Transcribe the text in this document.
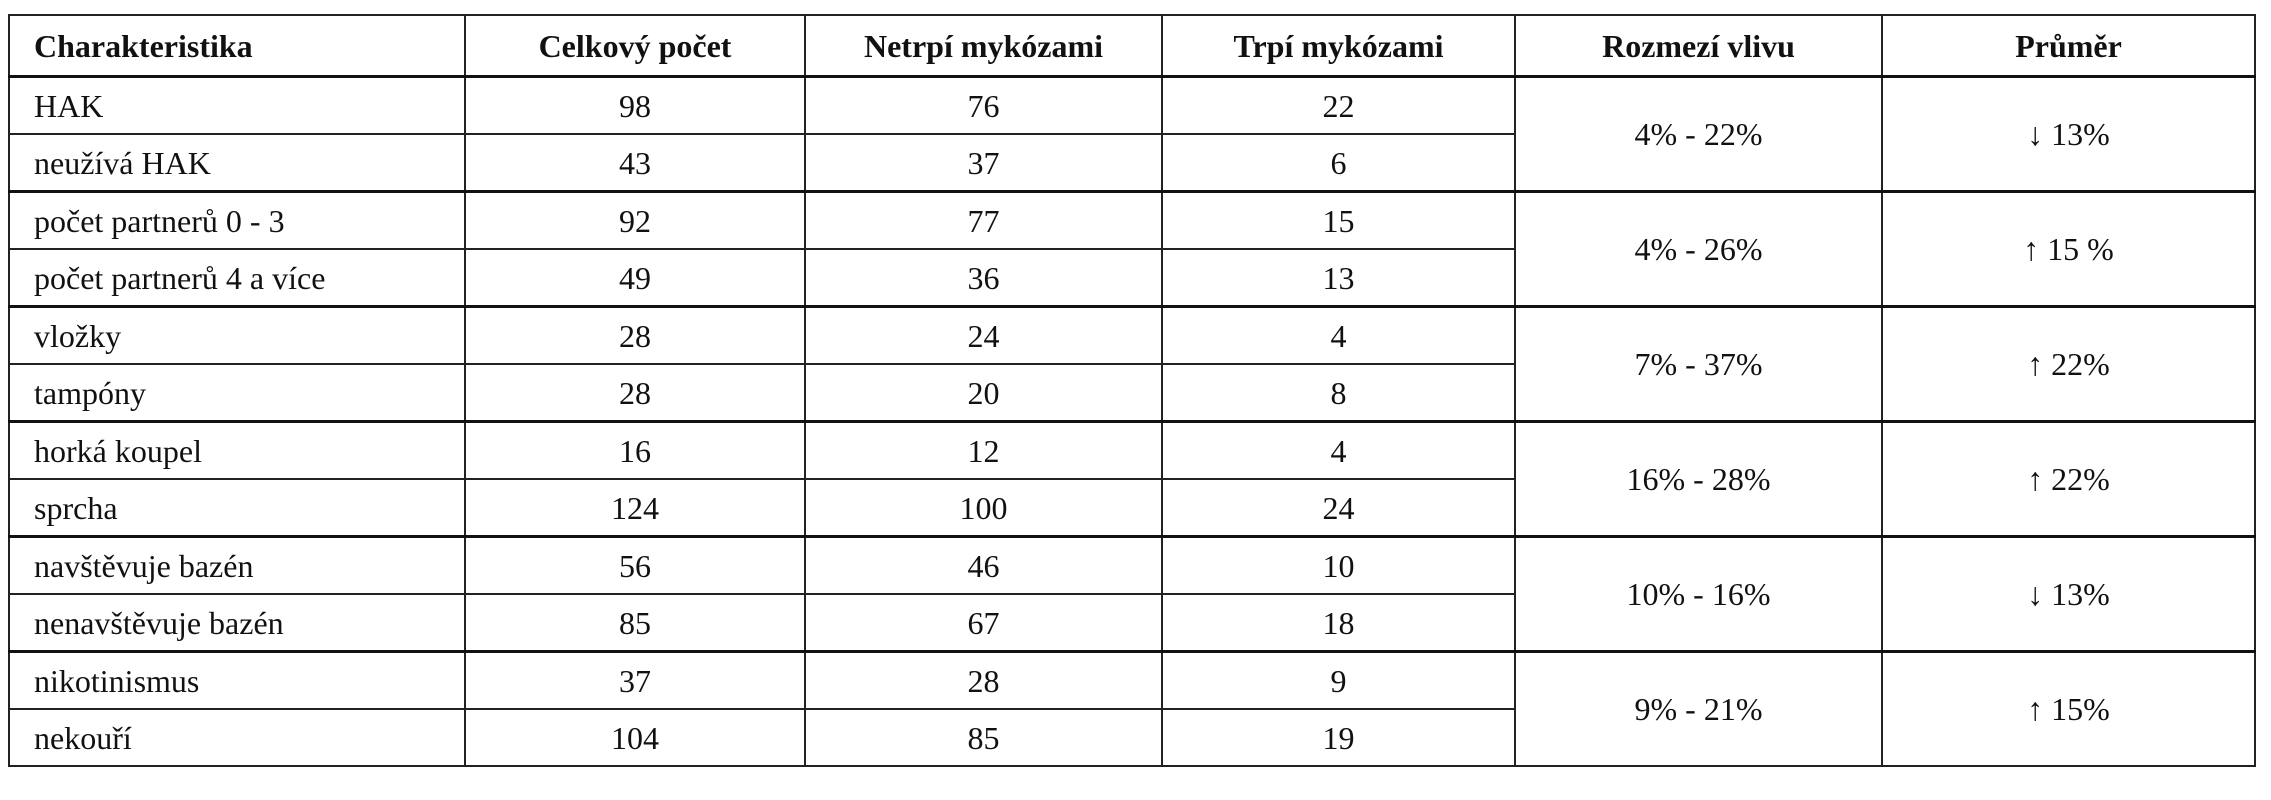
Charakteristika	Celkový počet	Netrpí mykózami	Trpí mykózami	Rozmezí vlivu	Průměr
HAK	98	76	22	4% - 22%	↓ 13%
neužívá HAK	43	37	6		
počet partnerů 0 - 3	92	77	15	4% - 26%	↑ 15 %
počet partnerů 4 a více	49	36	13		
vložky	28	24	4	7% - 37%	↑ 22%
tampóny	28	20	8		
horká koupel	16	12	4	16% - 28%	↑ 22%
sprcha	124	100	24		
navštěvuje bazén	56	46	10	10% - 16%	↓ 13%
nenavštěvuje bazén	85	67	18		
nikotinismus	37	28	9	9% - 21%	↑ 15%
nekouří	104	85	19		
